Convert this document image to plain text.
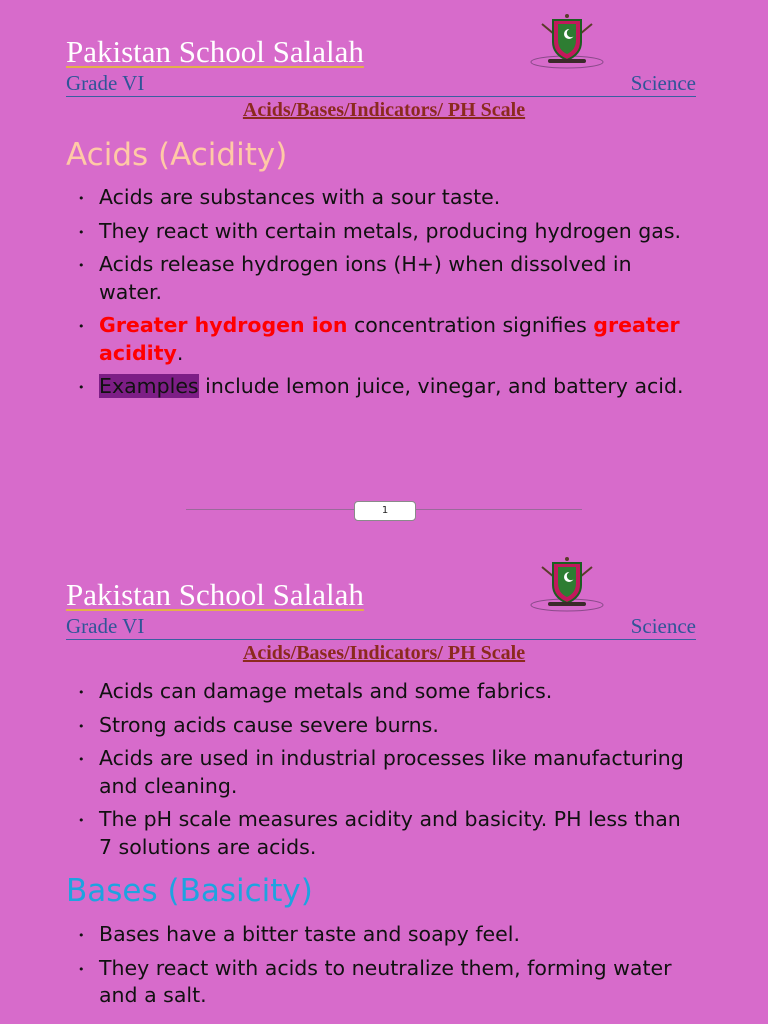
Pakistan School Salalah
Grade VI	Science
Acids/Bases/Indicators/ PH Scale
Acids (Acidity)
• Acids are substances with a sour taste.
• They react with certain metals, producing hydrogen gas.
• Acids release hydrogen ions (H+) when dissolved in water.
• Greater hydrogen ion concentration signifies greater acidity.
• Examples include lemon juice, vinegar, and battery acid.
1
Pakistan School Salalah
Grade VI	Science
Acids/Bases/Indicators/ PH Scale
• Acids can damage metals and some fabrics.
• Strong acids cause severe burns.
• Acids are used in industrial processes like manufacturing and cleaning.
• The pH scale measures acidity and basicity. PH less than 7 solutions are acids.
Bases (Basicity)
• Bases have a bitter taste and soapy feel.
• They react with acids to neutralize them, forming water and a salt.
